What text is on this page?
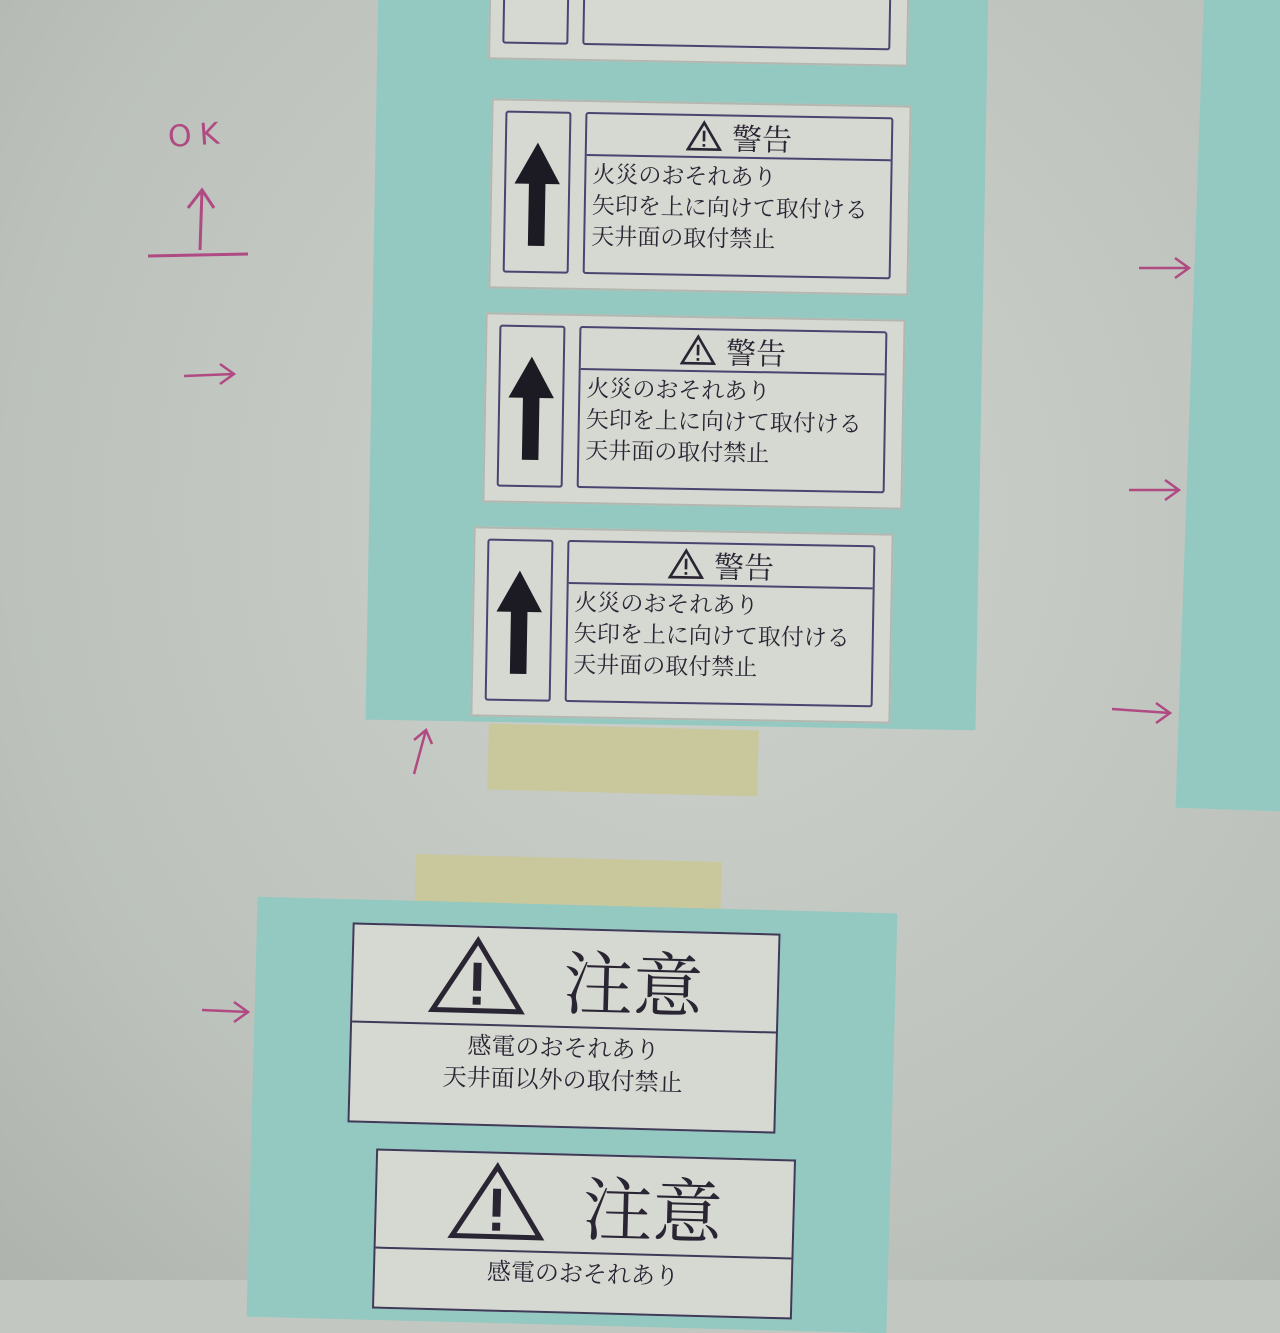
警告
火災のおそれあり
矢印を上に向けて取付ける
天井面の取付禁止
警告
火災のおそれあり
矢印を上に向けて取付ける
天井面の取付禁止
警告
火災のおそれあり
矢印を上に向けて取付ける
天井面の取付禁止
注意
感電のおそれあり
天井面以外の取付禁止
注意
感電のおそれあり
OK
